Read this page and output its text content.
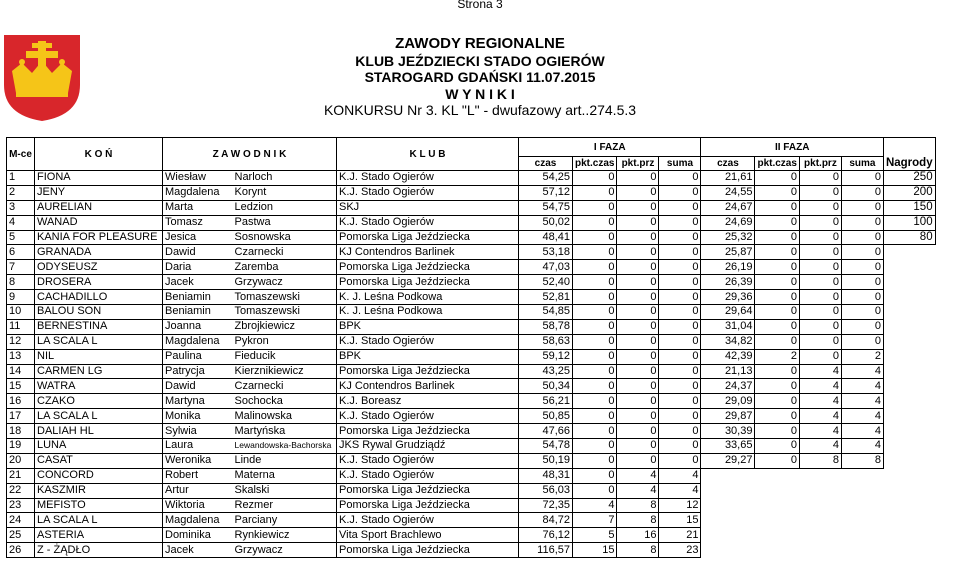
Strona 3
ZAWODY REGIONALNE
KLUB JEŹDZIECKI STADO OGIERÓW
STAROGARD GDAŃSKI 11.07.2015
W Y N I K I
KONKURSU Nr 3. KL "L" - dwufazowy art..274.5.3
M-ce	K O Ń	Z A W O D N I K		K L U B	I FAZA				II FAZA				Nagrody
					czas	pkt.czas	pkt.prz	suma	czas	pkt.czas	pkt.prz	suma	
1	FIONA	Wiesław	Narloch	K.J. Stado Ogierów	54,25	0	0	0	21,61	0	0	0	250
2	JENY	Magdalena	Korynt	K.J. Stado Ogierów	57,12	0	0	0	24,55	0	0	0	200
3	AURELIAN	Marta	Ledzion	SKJ	54,75	0	0	0	24,67	0	0	0	150
4	WANAD	Tomasz	Pastwa	K.J. Stado Ogierów	50,02	0	0	0	24,69	0	0	0	100
5	KANIA FOR PLEASURE	Jesica	Sosnowska	Pomorska Liga Jeździecka	48,41	0	0	0	25,32	0	0	0	80
6	GRANADA	Dawid	Czarnecki	KJ Contendros Barlinek	53,18	0	0	0	25,87	0	0	0	
7	ODYSEUSZ	Daria	Zaremba	Pomorska Liga Jeździecka	47,03	0	0	0	26,19	0	0	0	
8	DROSERA	Jacek	Grzywacz	Pomorska Liga Jeździecka	52,40	0	0	0	26,39	0	0	0	
9	CACHADILLO	Beniamin	Tomaszewski	K. J. Leśna Podkowa	52,81	0	0	0	29,36	0	0	0	
10	BALOU SON	Beniamin	Tomaszewski	K. J. Leśna Podkowa	54,85	0	0	0	29,64	0	0	0	
11	BERNESTINA	Joanna	Zbrojkiewicz	BPK	58,78	0	0	0	31,04	0	0	0	
12	LA SCALA L	Magdalena	Pykron	K.J. Stado Ogierów	58,63	0	0	0	34,82	0	0	0	
13	NIL	Paulina	Fieducik	BPK	59,12	0	0	0	42,39	2	0	2	
14	CARMEN LG	Patrycja	Kierznikiewicz	Pomorska Liga Jeździecka	43,25	0	0	0	21,13	0	4	4	
15	WATRA	Dawid	Czarnecki	KJ Contendros Barlinek	50,34	0	0	0	24,37	0	4	4	
16	CZAKO	Martyna	Sochocka	K.J. Boreasz	56,21	0	0	0	29,09	0	4	4	
17	LA SCALA L	Monika	Malinowska	K.J. Stado Ogierów	50,85	0	0	0	29,87	0	4	4	
18	DALIAH HL	Sylwia	Martyńska	Pomorska Liga Jeździecka	47,66	0	0	0	30,39	0	4	4	
19	LUNA	Laura	Lewandowska-Bachorska	JKS Rywal Grudziądź	54,78	0	0	0	33,65	0	4	4	
20	CASAT	Weronika	Linde	K.J. Stado Ogierów	50,19	0	0	0	29,27	0	8	8	
21	CONCORD	Robert	Materna	K.J. Stado Ogierów	48,31	0	4	4					
22	KASZMIR	Artur	Skalski	Pomorska Liga Jeździecka	56,03	0	4	4					
23	MEFISTO	Wiktoria	Rezmer	Pomorska Liga Jeździecka	72,35	4	8	12					
24	LA SCALA L	Magdalena	Parciany	K.J. Stado Ogierów	84,72	7	8	15					
25	ASTERIA	Dominika	Rynkiewicz	Vita Sport Brachlewo	76,12	5	16	21					
26	Z - ŻĄDŁO	Jacek	Grzywacz	Pomorska Liga Jeździecka	116,57	15	8	23					
